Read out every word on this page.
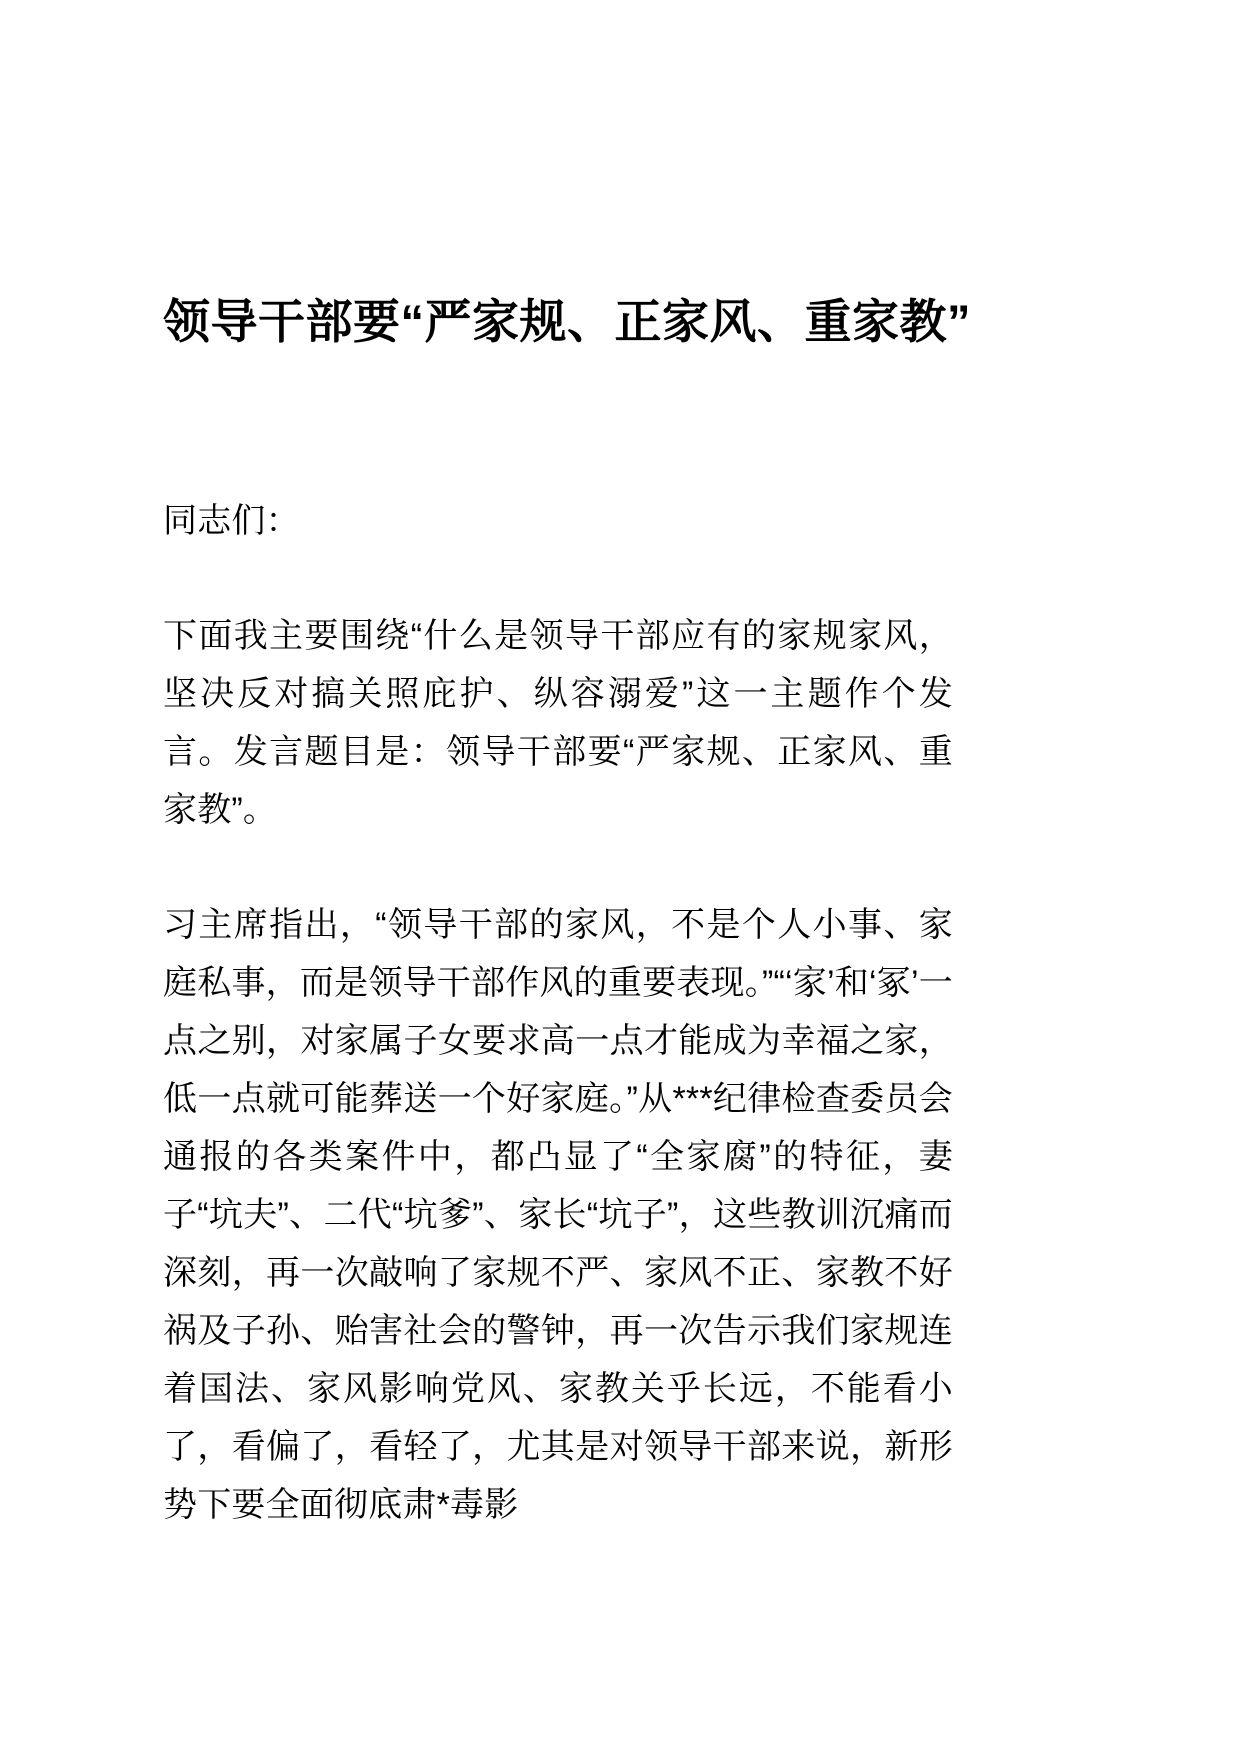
领导干部要“严家规、正家风、重家教”

同志们：

下面我主要围绕“什么是领导干部应有的家规家风，坚决反对搞关照庇护、纵容溺爱”这一主题作个发言。发言题目是：领导干部要“严家规、正家风、重家教”。

习主席指出，“领导干部的家风，不是个人小事、家庭私事，而是领导干部作风的重要表现。”“‘家’和‘冢’一点之别，对家属子女要求高一点才能成为幸福之家，低一点就可能葬送一个好家庭。”从***纪律检查委员会通报的各类案件中，都凸显了“全家腐”的特征，妻子“坑夫”、二代“坑爹”、家长“坑子”，这些教训沉痛而深刻，再一次敲响了家规不严、家风不正、家教不好祸及子孙、贻害社会的警钟，再一次告示我们家规连着国法、家风影响党风、家教关乎长远，不能看小了，看偏了，看轻了，尤其是对领导干部来说，新形势下要全面彻底肃*毒影
